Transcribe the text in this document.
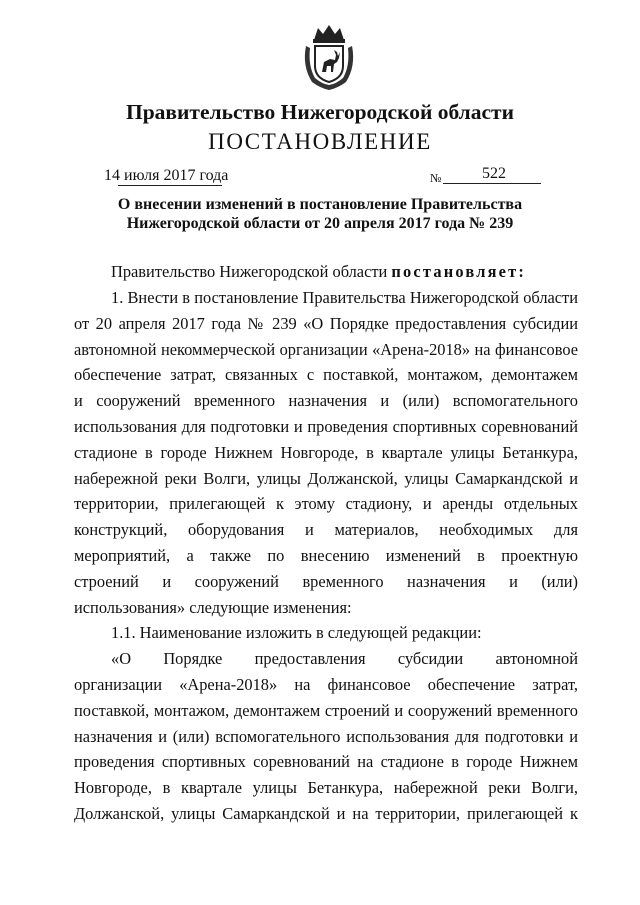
Правительство Нижегородской области
ПОСТАНОВЛЕНИЕ
14 июля 2017 года	№	522
О внесении изменений в постановление Правительства
Нижегородской области от 20 апреля 2017 года № 239
Правительство Нижегородской области постановляет:
1. Внести в постановление Правительства Нижегородской области
от 20 апреля 2017 года № 239 «О Порядке предоставления субсидии
автономной некоммерческой организации «Арена-2018» на финансовое
обеспечение затрат, связанных с поставкой, монтажом, демонтажем
и сооружений временного назначения и (или) вспомогательного
использования для подготовки и проведения спортивных соревнований
стадионе в городе Нижнем Новгороде, в квартале улицы Бетанкура,
набережной реки Волги, улицы Должанской, улицы Самаркандской и
территории, прилегающей к этому стадиону, и аренды отдельных
конструкций, оборудования и материалов, необходимых для
мероприятий, а также по внесению изменений в проектную
строений и сооружений временного назначения и (или)
использования» следующие изменения:
1.1. Наименование изложить в следующей редакции:
«О Порядке предоставления субсидии автономной
организации «Арена-2018» на финансовое обеспечение затрат,
поставкой, монтажом, демонтажем строений и сооружений временного
назначения и (или) вспомогательного использования для подготовки и
проведения спортивных соревнований на стадионе в городе Нижнем
Новгороде, в квартале улицы Бетанкура, набережной реки Волги,
Должанской, улицы Самаркандской и на территории, прилегающей к
